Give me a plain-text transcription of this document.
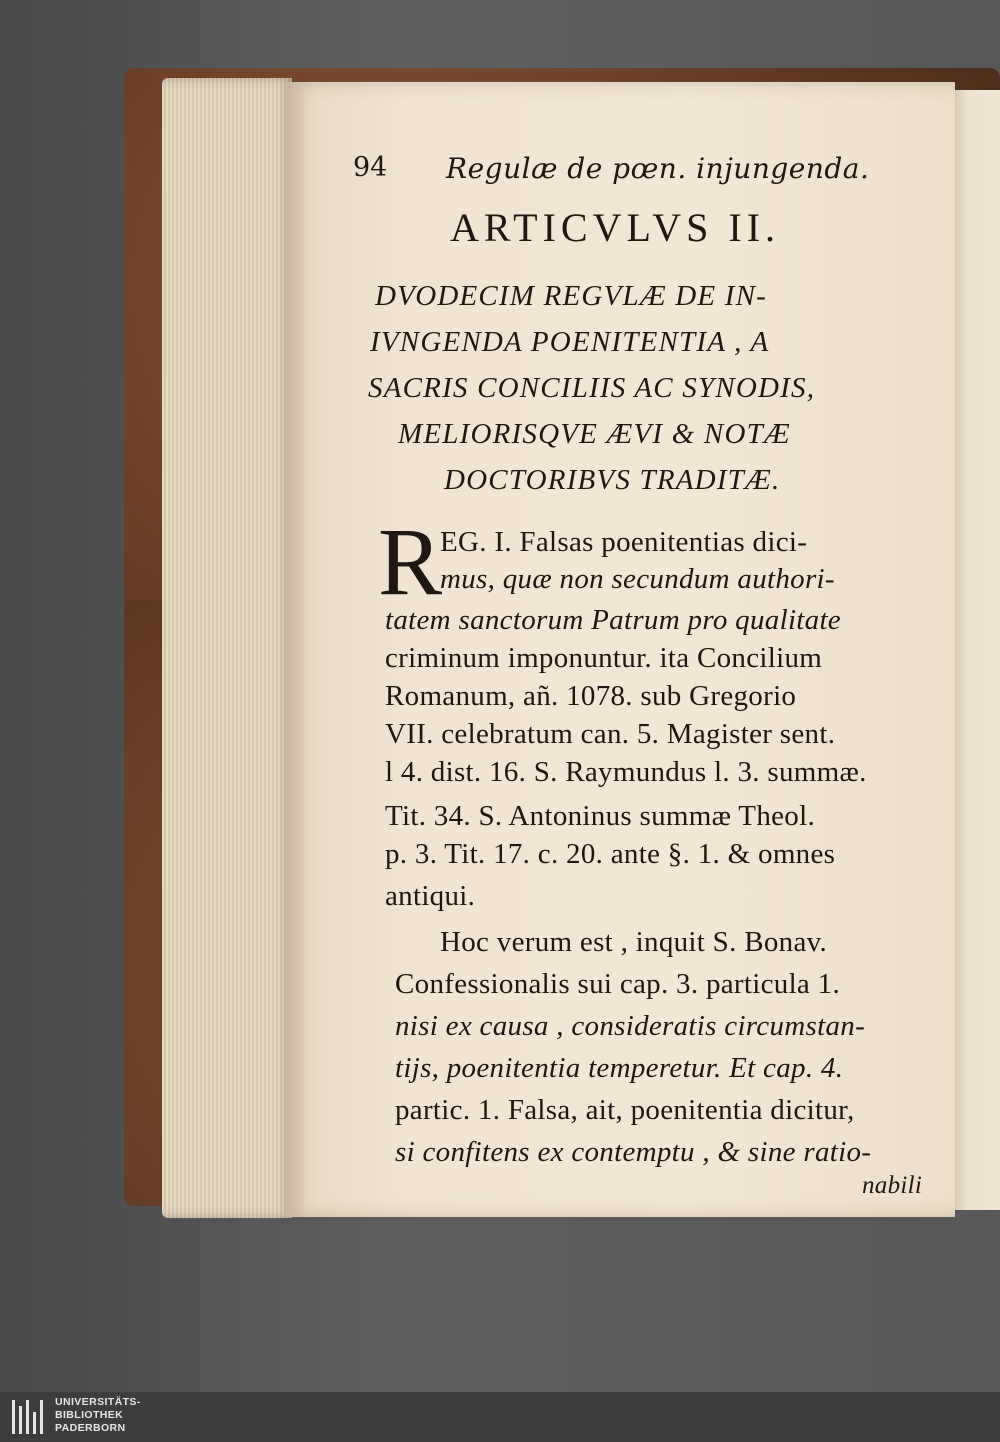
94 Regulæ de pœn. injungenda.
ARTICVLVS II.
DVODECIM REGVLÆ DE IN-
IVNGENDA POENITENTIA , A
SACRIS CONCILIIS AC SYNODIS,
MELIORISQVE ÆVI & NOTÆ
DOCTORIBVS TRADITÆ.
R
EG. I. Falsas poenitentias dici-
mus, quæ non secundum authori-
tatem sanctorum Patrum pro qualitate
criminum imponuntur. ita Concilium
Romanum, añ. 1078. sub Gregorio
VII. celebratum can. 5. Magister sent.
l 4. dist. 16. S. Raymundus l. 3. summæ.
Tit. 34. S. Antoninus summæ Theol.
p. 3. Tit. 17. c. 20. ante §. 1. & omnes
antiqui.
Hoc verum est , inquit S. Bonav.
Confessionalis sui cap. 3. particula 1.
nisi ex causa , consideratis circumstan-
tijs, poenitentia temperetur. Et cap. 4.
partic. 1. Falsa, ait, poenitentia dicitur,
si confitens ex contemptu , & sine ratio-
nabili
UNIVERSITÄTS-
BIBLIOTHEK
PADERBORN
